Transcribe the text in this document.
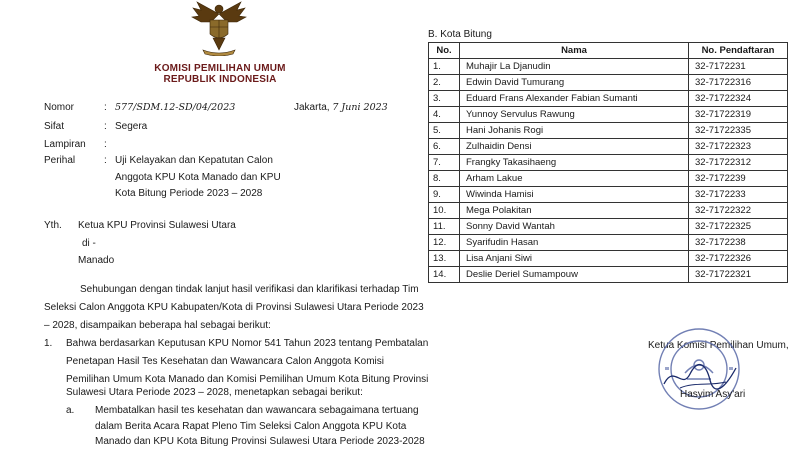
KOMISI PEMILIHAN UMUM
REPUBLIK INDONESIA
Nomor	: 577/SDM.12-SD/04/2023	Jakarta, 7 Juni 2023
Sifat	: Segera
Lampiran :
Perihal	: Uji Kelayakan dan Kepatutan Calon
Anggota KPU Kota Manado dan KPU
Kota Bitung Periode 2023 – 2028
Yth. Ketua KPU Provinsi Sulawesi Utara
di -
Manado
Sehubungan dengan tindak lanjut hasil verifikasi dan klarifikasi terhadap Tim
Seleksi Calon Anggota KPU Kabupaten/Kota di Provinsi Sulawesi Utara Periode 2023
– 2028, disampaikan beberapa hal sebagai berikut:
1. Bahwa berdasarkan Keputusan KPU Nomor 541 Tahun 2023 tentang Pembatalan
Penetapan Hasil Tes Kesehatan dan Wawancara Calon Anggota Komisi
Pemilihan Umum Kota Manado dan Komisi Pemilihan Umum Kota Bitung Provinsi
Sulawesi Utara Periode 2023 – 2028, menetapkan sebagai berikut:
a. Membatalkan hasil tes kesehatan dan wawancara sebagaimana tertuang
dalam Berita Acara Rapat Pleno Tim Seleksi Calon Anggota KPU Kota
Manado dan KPU Kota Bitung Provinsi Sulawesi Utara Periode 2023-2028
B. Kota Bitung
No.	Nama	No. Pendaftaran
1.	Muhajir La Djanudin	32-7172231
2.	Edwin David Tumurang	32-71722316
3.	Eduard Frans Alexander Fabian Sumanti	32-71722324
4.	Yunnoy Servulus Rawung	32-71722319
5.	Hani Johanis Rogi	32-71722335
6.	Zulhaidin Densi	32-71722323
7.	Frangky Takasihaeng	32-71722312
8.	Arham Lakue	32-7172239
9.	Wiwinda Hamisi	32-7172233
10.	Mega Polakitan	32-71722322
11.	Sonny David Wantah	32-71722325
12.	Syarifudin Hasan	32-7172238
13.	Lisa Anjani Siwi	32-71722326
14.	Deslie Deriel Sumampouw	32-71722321
Ketua Komisi Pemilihan Umum,
Hasyim Asy'ari
